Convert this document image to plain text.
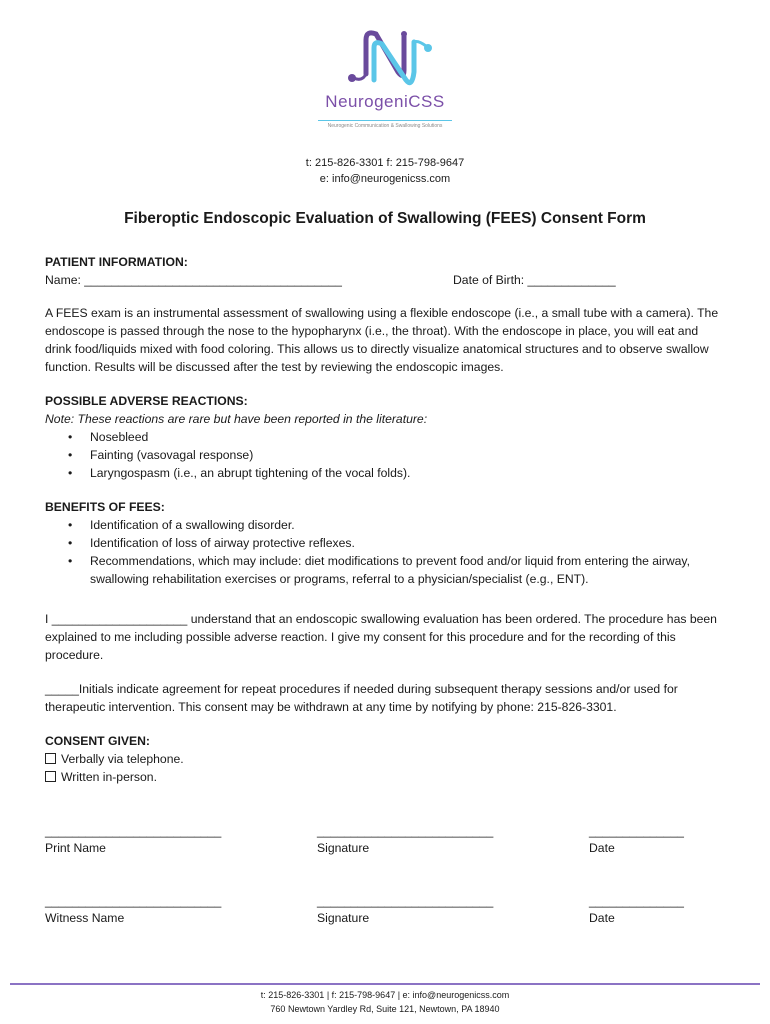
NeurogeniCSS
Neurogenic Communication & Swallowing Solutions
t: 215-826-3301 f: 215-798-9647
e: info@neurogenicss.com
Fiberoptic Endoscopic Evaluation of Swallowing (FEES) Consent Form
PATIENT INFORMATION:
Name: ______________________________________	Date of Birth: _____________
A FEES exam is an instrumental assessment of swallowing using a flexible endoscope (i.e., a small tube with a camera). The endoscope is passed through the nose to the hypopharynx (i.e., the throat). With the endoscope in place, you will eat and drink food/liquids mixed with food coloring. This allows us to directly visualize anatomical structures and to observe swallow function. Results will be discussed after the test by reviewing the endoscopic images.
POSSIBLE ADVERSE REACTIONS:
Note: These reactions are rare but have been reported in the literature:
• Nosebleed
• Fainting (vasovagal response)
• Laryngospasm (i.e., an abrupt tightening of the vocal folds).
BENEFITS OF FEES:
• Identification of a swallowing disorder.
• Identification of loss of airway protective reflexes.
• Recommendations, which may include: diet modifications to prevent food and/or liquid from entering the airway, swallowing rehabilitation exercises or programs, referral to a physician/specialist (e.g., ENT).
I ____________________ understand that an endoscopic swallowing evaluation has been ordered. The procedure has been explained to me including possible adverse reaction. I give my consent for this procedure and for the recording of this procedure.
_____Initials indicate agreement for repeat procedures if needed during subsequent therapy sessions and/or used for therapeutic intervention. This consent may be withdrawn at any time by notifying by phone: 215-826-3301.
CONSENT GIVEN:
Verbally via telephone.
Written in-person.
__________________________	__________________________	______________
Print Name	Signature	Date
__________________________	__________________________	______________
Witness Name	Signature	Date
t: 215-826-3301 | f: 215-798-9647 | e: info@neurogenicss.com
760 Newtown Yardley Rd, Suite 121, Newtown, PA 18940
